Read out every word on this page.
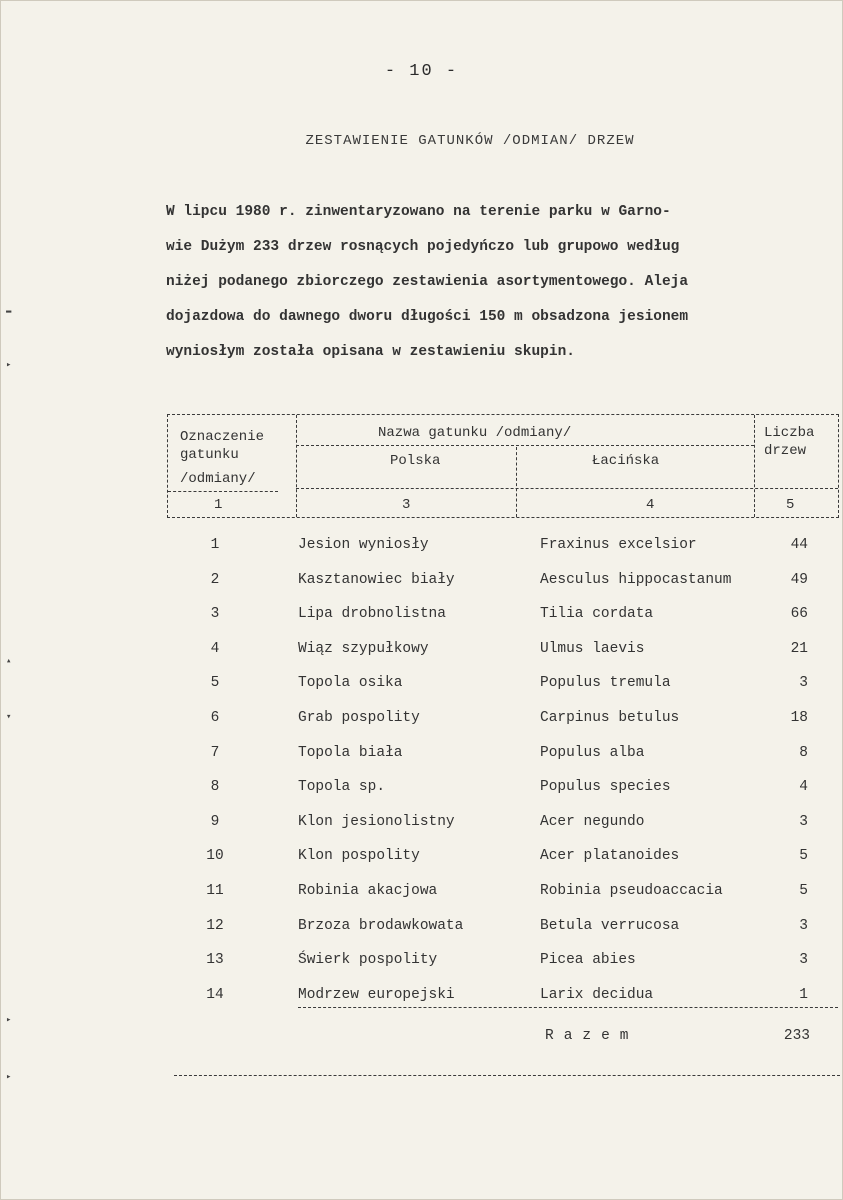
▬
▸
▴
▾
▸
▸
- 10 -
ZESTAWIENIE GATUNKÓW /ODMIAN/ DRZEW
W lipcu 1980 r. zinwentaryzowano na terenie parku w Garno-
wie Dużym 233 drzew rosnących pojedyńczo lub grupowo według
niżej podanego zbiorczego zestawienia asortymentowego. Aleja
dojazdowa do dawnego dworu długości 150 m obsadzona jesionem
wyniosłym została opisana w zestawieniu skupin.
Oznaczenie
gatunku
/odmiany/
Nazwa gatunku /odmiany/
Polska	Łacińska
Liczba
drzew
1	3	4	5
1	Jesion wyniosły	Fraxinus excelsior	44
2	Kasztanowiec biały	Aesculus hippocastanum	49
3	Lipa drobnolistna	Tilia cordata	66
4	Wiąz szypułkowy	Ulmus laevis	21
5	Topola osika	Populus tremula	3
6	Grab pospolity	Carpinus betulus	18
7	Topola biała	Populus alba	8
8	Topola sp.	Populus species	4
9	Klon jesionolistny	Acer negundo	3
10	Klon pospolity	Acer platanoides	5
11	Robinia akacjowa	Robinia pseudoaccacia	5
12	Brzoza brodawkowata	Betula verrucosa	3
13	Świerk pospolity	Picea abies	3
14	Modrzew europejski	Larix decidua	1
Razem	233
